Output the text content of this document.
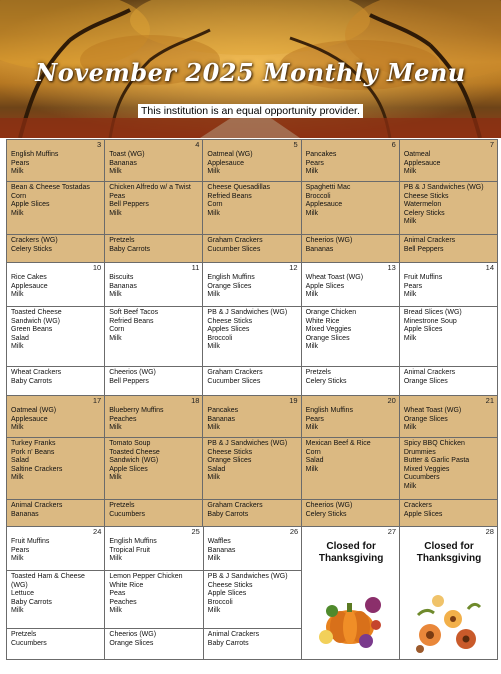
November 2025 Monthly Menu
This institution is an equal opportunity provider.
3
English Muffins
Pears
Milk
4
Toast (WG)
Bananas
Milk
5
Oatmeal (WG)
Applesauce
Milk
6
Pancakes
Pears
Milk
7
Oatmeal
Applesauce
Milk
Bean & Cheese Tostadas
Corn
Apple Slices
Milk
Chicken Alfredo w/ a Twist
Peas
Bell Peppers
Milk
Cheese Quesadillas
Refried Beans
Corn
Milk
Spaghetti Mac
Broccoli
Applesauce
Milk
PB & J Sandwiches (WG)
Cheese Sticks
Watermelon
Celery Sticks
Milk
Crackers (WG)
Celery Sticks
Pretzels
Baby Carrots
Graham Crackers
Cucumber Slices
Cheerios (WG)
Bananas
Animal Crackers
Bell Peppers
10
Rice Cakes
Applesauce
Milk
11
Biscuits
Bananas
Milk
12
English Muffins
Orange Slices
Milk
13
Wheat Toast (WG)
Apple Slices
Milk
14
Fruit Muffins
Pears
Milk
Toasted Cheese
Sandwich (WG)
Green Beans
Salad
Milk
Soft Beef Tacos
Refried Beans
Corn
Milk
PB & J Sandwiches (WG)
Cheese Sticks
Apples Slices
Broccoli
Milk
Orange Chicken
White Rice
Mixed Veggies
Orange Slices
Milk
Bread Slices (WG)
Minestrone Soup
Apple Slices
Milk
Wheat Crackers
Baby Carrots
Cheerios (WG)
Bell Peppers
Graham Crackers
Cucumber Slices
Pretzels
Celery Sticks
Animal Crackers
Orange Slices
17
Oatmeal (WG)
Applesauce
Milk
18
Blueberry Muffins
Peaches
Milk
19
Pancakes
Bananas
Milk
20
English Muffins
Pears
Milk
21
Wheat Toast (WG)
Orange Slices
Milk
Turkey Franks
Pork n' Beans
Salad
Saltine Crackers
Milk
Tomato Soup
Toasted Cheese
Sandwich (WG)
Apple Slices
Milk
PB & J Sandwiches (WG)
Cheese Sticks
Orange Slices
Salad
Milk
Mexican Beef & Rice
Corn
Salad
Milk
Spicy BBQ Chicken
Drummies
Butter & Garlic Pasta
Mixed Veggies
Cucumbers
Milk
Animal Crackers
Bananas
Pretzels
Cucumbers
Graham Crackers
Baby Carrots
Cheerios (WG)
Celery Sticks
Crackers
Apple Slices
24
Fruit Muffins
Pears
Milk
25
English Muffins
Tropical Fruit
Milk
26
Waffles
Bananas
Milk
Toasted Ham & Cheese
(WG)
Lettuce
Baby Carrots
Milk
Lemon Pepper Chicken
White Rice
Peas
Peaches
Milk
PB & J Sandwiches (WG)
Cheese Sticks
Apple Slices
Broccoli
Milk
Pretzels
Cucumbers
Cheerios (WG)
Orange Slices
Animal Crackers
Baby Carrots
27
Closed for
Thanksgiving
28
Closed for
Thanksgiving
